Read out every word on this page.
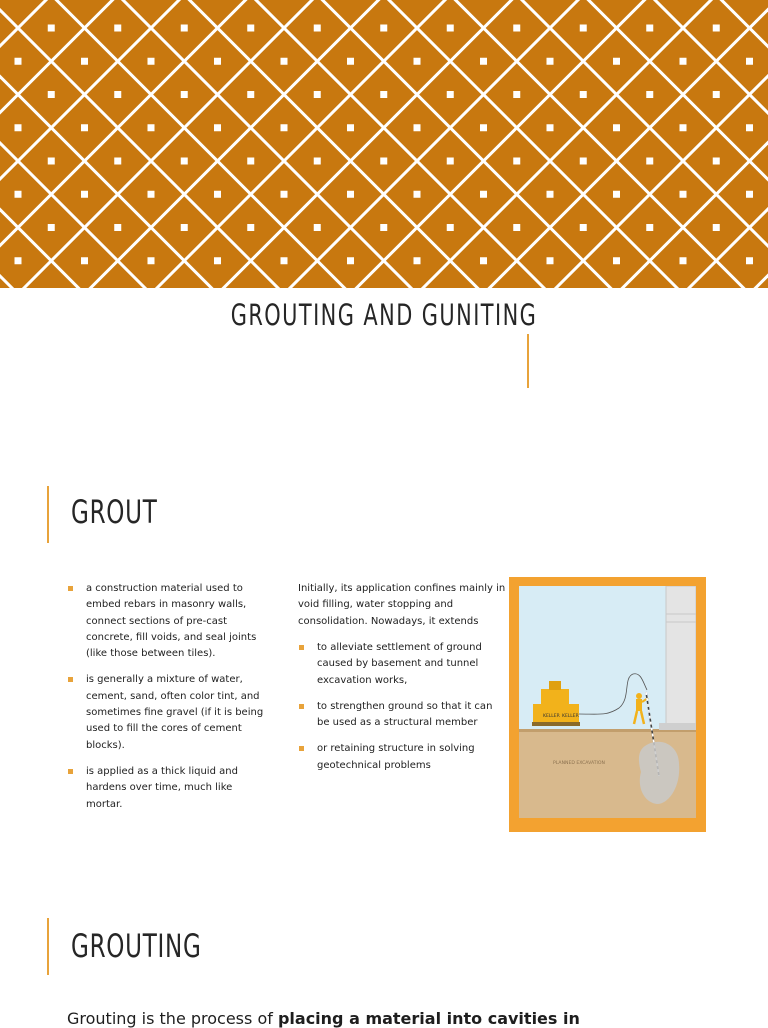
GROUTING AND GUNITING
GROUT
a construction material used to embed rebars in masonry walls, connect sections of pre-cast concrete, fill voids, and seal joints (like those between tiles).
is generally a mixture of water, cement, sand, often color tint, and sometimes fine gravel (if it is being used to fill the cores of cement blocks).
is applied as a thick liquid and hardens over time, much like mortar.

Initially, its application confines mainly in void filling, water stopping and consolidation. Nowadays, it extends

to alleviate settlement of ground caused by basement and tunnel excavation works,
to strengthen ground so that it can be used as a structural member
or retaining structure in solving geotechnical problems
KELLER KELLER
PLANNED EXCAVATION
GROUTING

Grouting is the process of placing a material into cavities in
